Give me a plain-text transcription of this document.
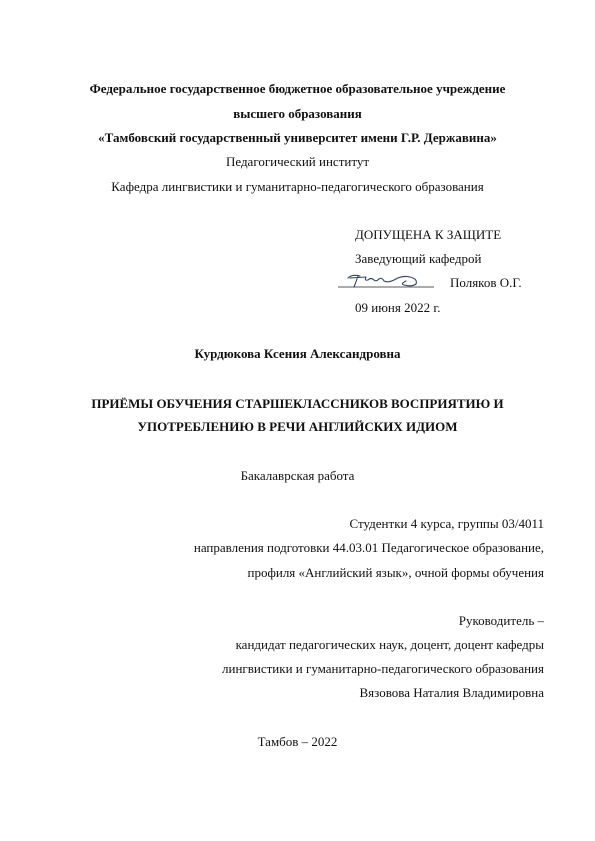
Федеральное государственное бюджетное образовательное учреждение
высшего образования
«Тамбовский государственный университет имени Г.Р. Державина»
Педагогический институт
Кафедра лингвистики и гуманитарно-педагогического образования
ДОПУЩЕНА К ЗАЩИТЕ
Заведующий кафедрой
Поляков О.Г.
09 июня 2022 г.
Курдюкова Ксения Александровна
ПРИЁМЫ ОБУЧЕНИЯ СТАРШЕКЛАССНИКОВ ВОСПРИЯТИЮ И
УПОТРЕБЛЕНИЮ В РЕЧИ АНГЛИЙСКИХ ИДИОМ
Бакалаврская работа
Студентки 4 курса, группы 03/4011
направления подготовки 44.03.01 Педагогическое образование,
профиля «Английский язык», очной формы обучения
Руководитель –
кандидат педагогических наук, доцент, доцент кафедры
лингвистики и гуманитарно-педагогического образования
Вязовова Наталия Владимировна
Тамбов – 2022
